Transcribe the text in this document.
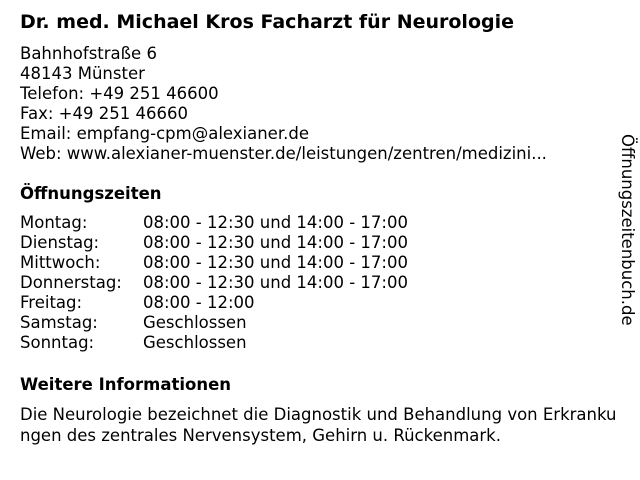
Dr. med. Michael Kros Facharzt für Neurologie
Bahnhofstraße 6
48143 Münster
Telefon: +49 251 46600
Fax: +49 251 46660
Email: empfang-cpm@alexianer.de
Web: www.alexianer-muenster.de/leistungen/zentren/medizini...
Öffnungszeiten
Montag:	08:00 - 12:30 und 14:00 - 17:00
Dienstag:	08:00 - 12:30 und 14:00 - 17:00
Mittwoch:	08:00 - 12:30 und 14:00 - 17:00
Donnerstag:	08:00 - 12:30 und 14:00 - 17:00
Freitag:	08:00 - 12:00
Samstag:	Geschlossen
Sonntag:	Geschlossen
Weitere Informationen
Die Neurologie bezeichnet die Diagnostik und Behandlung von Erkrankungen des zentrales Nervensystem, Gehirn u. Rückenmark.
Öffnungszeitenbuch.de
